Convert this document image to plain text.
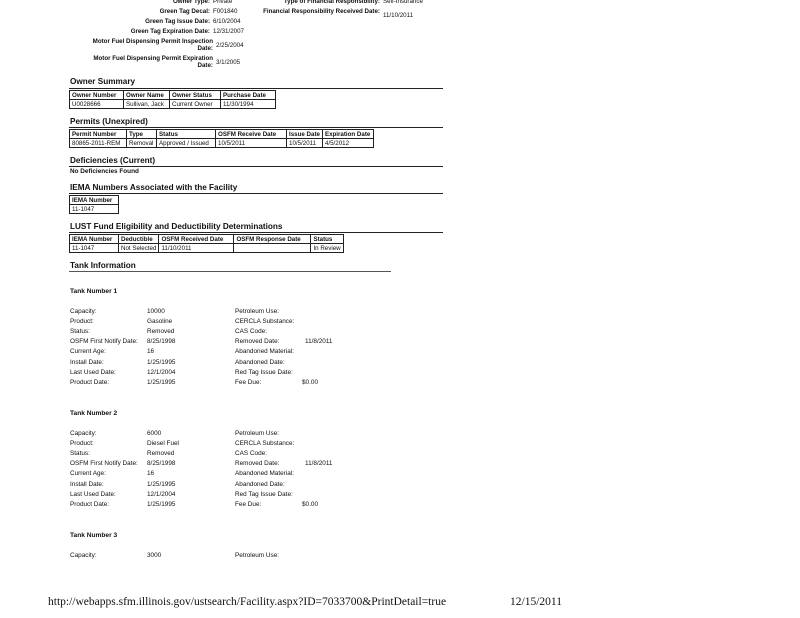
Owner Type: Private
Green Tag Decal: F001840
Green Tag Issue Date: 6/10/2004
Green Tag Expiration Date: 12/31/2007
Motor Fuel Dispensing Permit Inspection Date: 2/25/2004
Motor Fuel Dispensing Permit Expiration Date: 3/1/2005
Type of Financial Responsibility: Self-Insurance
Financial Responsibility Received Date:
11/10/2011
Owner Summary
Owner Number	Owner Name	Owner Status	Purchase Date
U0028666	Sullivan, Jack	Current Owner	11/30/1994
Permits (Unexpired)
Permit Number	Type	Status	OSFM Receive Date	Issue Date	Expiration Date
80865-2011-REM	Removal	Approved / Issued	10/5/2011	10/5/2011	4/5/2012
Deficiencies (Current)
No Deficiencies Found
IEMA Numbers Associated with the Facility
IEMA Number
11-1047
LUST Fund Eligibility and Deductibility Determinations
IEMA Number	Deductible	OSFM Received Date	OSFM Response Date	Status
11-1047	Not Selected	11/10/2011		In Review
Tank Information
Tank Number 1
Capacity:	10000
Product:	Gasoline
Status:	Removed
OSFM First Notify Date: 8/25/1998
Current Age:	16
Install Date:	1/25/1995
Last Used Date:	12/1/2004
Product Date:	1/25/1995
Petroleum Use:
CERCLA Substance:
CAS Code:
Removed Date:	11/8/2011
Abandoned Material:
Abandoned Date:
Red Tag Issue Date:
Fee Due:	$0.00
Tank Number 2
Capacity:	6000
Product:	Diesel Fuel
Status:	Removed
OSFM First Notify Date: 8/25/1998
Current Age:	16
Install Date:	1/25/1995
Last Used Date:	12/1/2004
Product Date:	1/25/1995
Petroleum Use:
CERCLA Substance:
CAS Code:
Removed Date:	11/8/2011
Abandoned Material:
Abandoned Date:
Red Tag Issue Date:
Fee Due:	$0.00
Tank Number 3
Capacity:	3000	Petroleum Use:
http://webapps.sfm.illinois.gov/ustsearch/Facility.aspx?ID=7033700&PrintDetail=true	12/15/2011
